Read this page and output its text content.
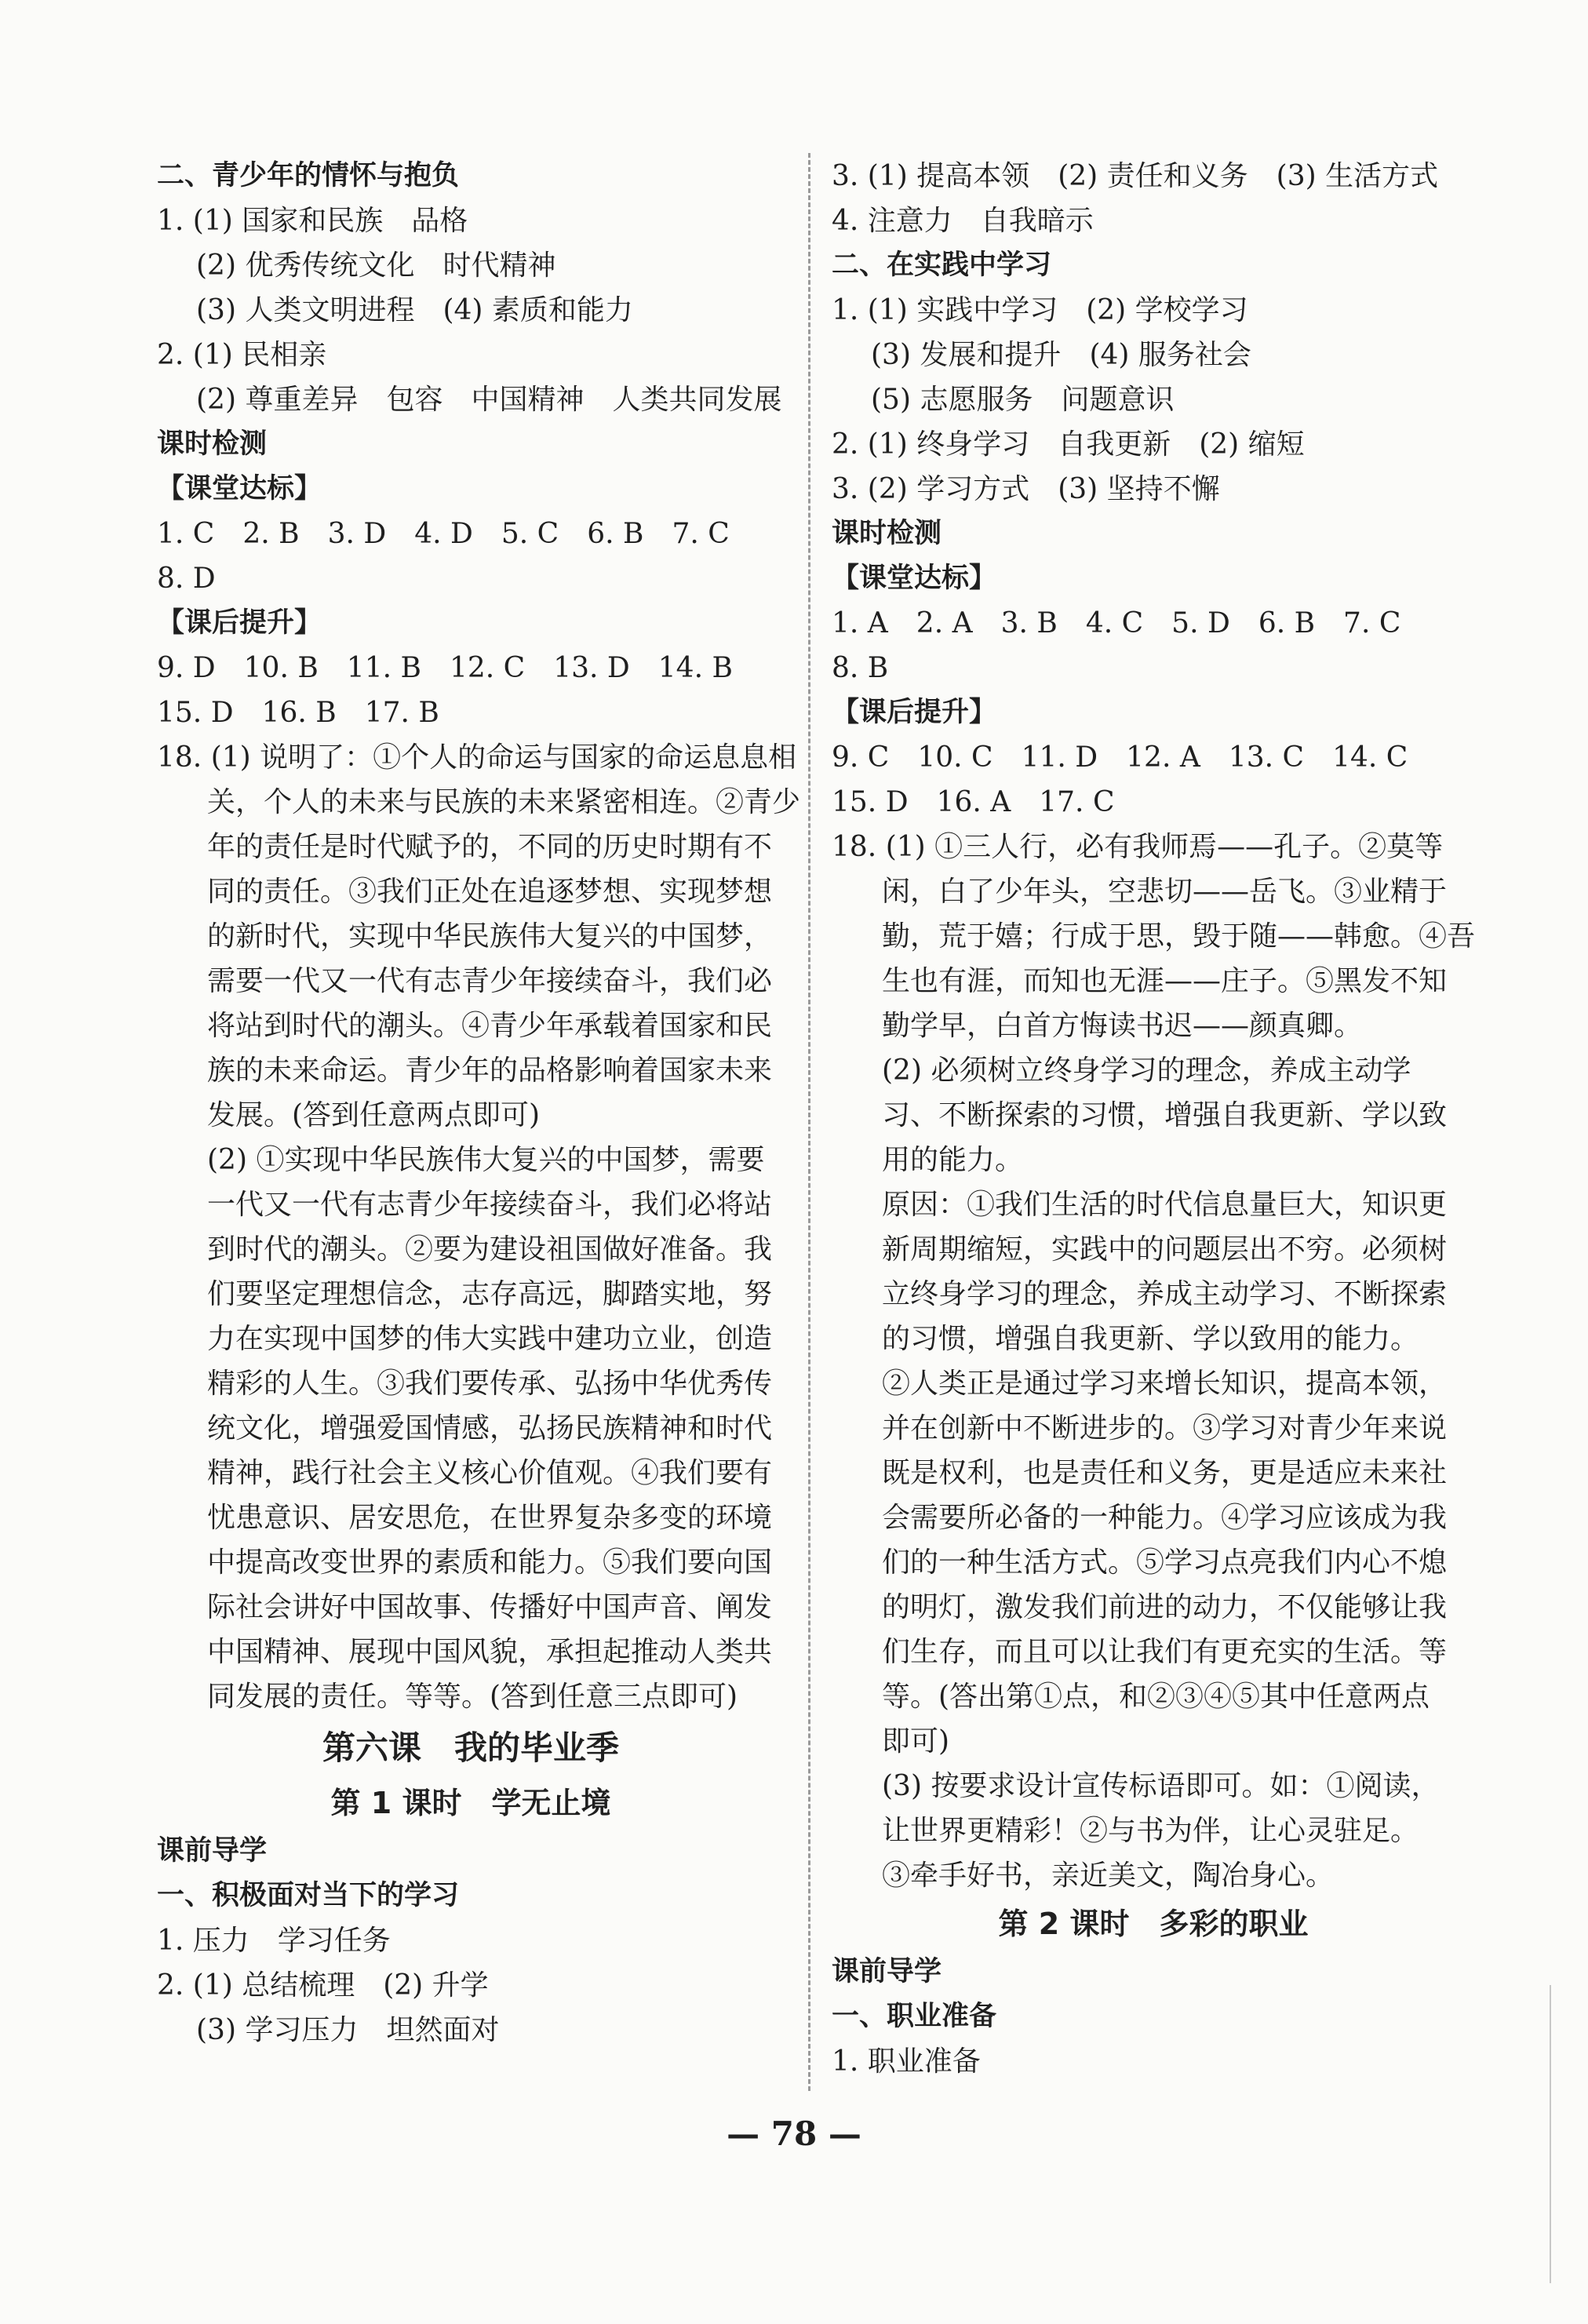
二、青少年的情怀与抱负
1. (1) 国家和民族　品格
(2) 优秀传统文化　时代精神
(3) 人类文明进程　(4) 素质和能力
2. (1) 民相亲
(2) 尊重差异　包容　中国精神　人类共同发展
课时检测
【课堂达标】
1. C　2. B　3. D　4. D　5. C　6. B　7. C
8. D
【课后提升】
9. D　10. B　11. B　12. C　13. D　14. B
15. D　16. B　17. B
18. (1) 说明了：①个人的命运与国家的命运息息相
关，个人的未来与民族的未来紧密相连。②青少
年的责任是时代赋予的，不同的历史时期有不
同的责任。③我们正处在追逐梦想、实现梦想
的新时代，实现中华民族伟大复兴的中国梦，
需要一代又一代有志青少年接续奋斗，我们必
将站到时代的潮头。④青少年承载着国家和民
族的未来命运。青少年的品格影响着国家未来
发展。(答到任意两点即可)
(2) ①实现中华民族伟大复兴的中国梦，需要
一代又一代有志青少年接续奋斗，我们必将站
到时代的潮头。②要为建设祖国做好准备。我
们要坚定理想信念，志存高远，脚踏实地，努
力在实现中国梦的伟大实践中建功立业，创造
精彩的人生。③我们要传承、弘扬中华优秀传
统文化，增强爱国情感，弘扬民族精神和时代
精神，践行社会主义核心价值观。④我们要有
忧患意识、居安思危，在世界复杂多变的环境
中提高改变世界的素质和能力。⑤我们要向国
际社会讲好中国故事、传播好中国声音、阐发
中国精神、展现中国风貌，承担起推动人类共
同发展的责任。等等。(答到任意三点即可)
第六课　我的毕业季
第 1 课时　学无止境
课前导学
一、积极面对当下的学习
1. 压力　学习任务
2. (1) 总结梳理　(2) 升学
(3) 学习压力　坦然面对
3. (1) 提高本领　(2) 责任和义务　(3) 生活方式
4. 注意力　自我暗示
二、在实践中学习
1. (1) 实践中学习　(2) 学校学习
(3) 发展和提升　(4) 服务社会
(5) 志愿服务　问题意识
2. (1) 终身学习　自我更新　(2) 缩短
3. (2) 学习方式　(3) 坚持不懈
课时检测
【课堂达标】
1. A　2. A　3. B　4. C　5. D　6. B　7. C
8. B
【课后提升】
9. C　10. C　11. D　12. A　13. C　14. C
15. D　16. A　17. C
18. (1) ①三人行，必有我师焉——孔子。②莫等
闲，白了少年头，空悲切——岳飞。③业精于
勤，荒于嬉；行成于思，毁于随——韩愈。④吾
生也有涯，而知也无涯——庄子。⑤黑发不知
勤学早，白首方悔读书迟——颜真卿。
(2) 必须树立终身学习的理念，养成主动学
习、不断探索的习惯，增强自我更新、学以致
用的能力。
原因：①我们生活的时代信息量巨大，知识更
新周期缩短，实践中的问题层出不穷。必须树
立终身学习的理念，养成主动学习、不断探索
的习惯，增强自我更新、学以致用的能力。
②人类正是通过学习来增长知识，提高本领，
并在创新中不断进步的。③学习对青少年来说
既是权利，也是责任和义务，更是适应未来社
会需要所必备的一种能力。④学习应该成为我
们的一种生活方式。⑤学习点亮我们内心不熄
的明灯，激发我们前进的动力，不仅能够让我
们生存，而且可以让我们有更充实的生活。等
等。(答出第①点，和②③④⑤其中任意两点
即可)
(3) 按要求设计宣传标语即可。如：①阅读，
让世界更精彩！②与书为伴，让心灵驻足。
③牵手好书，亲近美文，陶冶身心。
第 2 课时　多彩的职业
课前导学
一、职业准备
1. 职业准备
— 78 —
